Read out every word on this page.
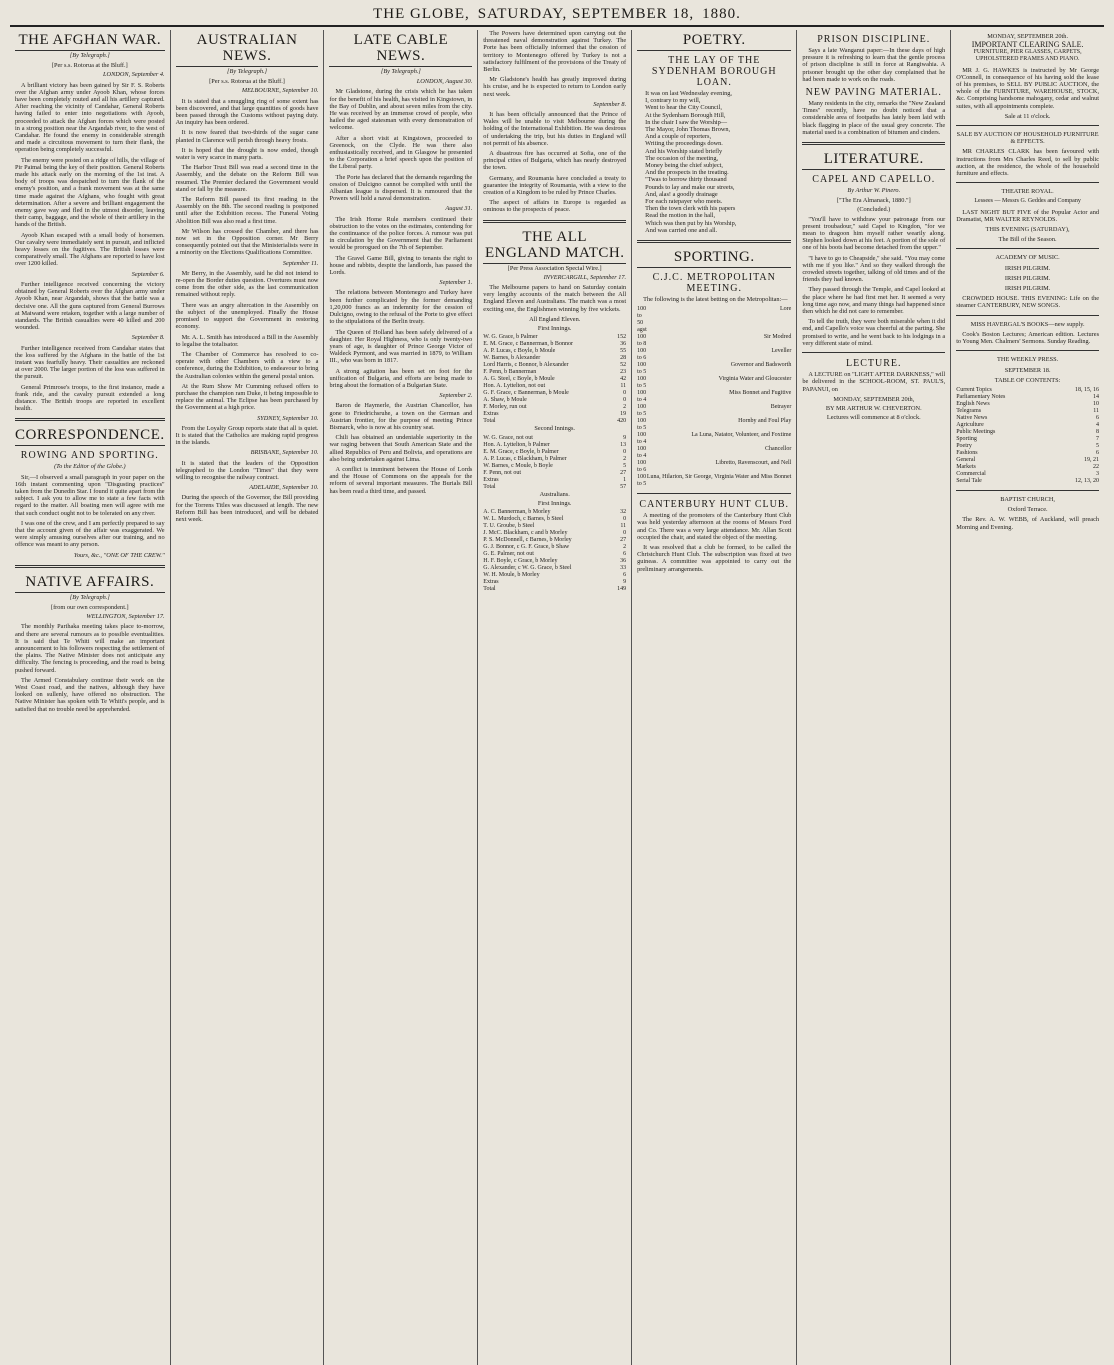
THE GLOBE, SATURDAY, SEPTEMBER 18, 1880.
THE AFGHAN WAR.
[By Telegraph.]
[Per s.s. Rotorua at the Bluff.]
LONDON, September 4.

A brilliant victory has been gained by Sir F. S. Roberts over the Afghan army under Ayoob Khan, whose forces have been completely routed and all his artillery captured. After reaching the vicinity of Candahar, General Roberts having failed to enter into negotiations with Ayoob, proceeded to attack the Afghan forces which were posted in a strong position near the Argandab river, to the west of Candahar. He found the enemy in considerable strength and made a circuitous movement to turn their flank, the operation being completely successful.

The enemy were posted on a ridge of hills, the village of Pir Paimal being the key of their position. General Roberts made his attack early on the morning of the 1st inst. A body of troops was despatched to turn the flank of the enemy's position, and a frank movement was at the same time made against the Afghans, who fought with great determination. After a severe and brilliant engagement the enemy gave way and fled in the utmost disorder, leaving their camp, baggage, and the whole of their artillery in the hands of the British.

Ayoob Khan escaped with a small body of horsemen. Our cavalry were immediately sent in pursuit, and inflicted heavy losses on the fugitives. The British losses were comparatively small. The Afghans are reported to have lost over 1200 killed.

September 6.

Further intelligence received concerning the victory obtained by General Roberts over the Afghan army under Ayoob Khan, near Argandab, shows that the battle was a decisive one. All the guns captured from General Burrows at Maiwand were retaken, together with a large number of standards. The British casualties were 40 killed and 200 wounded.

September 8.

Further intelligence received from Candahar states that the loss suffered by the Afghans in the battle of the 1st instant was fearfully heavy. Their casualties are reckoned at over 2000. The larger portion of the loss was suffered in the pursuit.

General Primrose's troops, to the first instance, made a frank ride, and the cavalry pursuit extended a long distance. The British troops are reported in excellent health.

CORRESPONDENCE.
ROWING AND SPORTING.
(To the Editor of the Globe.)

Sir,—I observed a small paragraph in your paper on the 16th instant commenting upon "Disgusting practices" taken from the Dunedin Star. I found it quite apart from the subject. I ask you to allow me to state a few facts with regard to the matter. All boating men will agree with me that such conduct ought not to be tolerated on any river.

I was one of the crew, and I am perfectly prepared to say that the account given of the affair was exaggerated. We were simply amusing ourselves after our training, and no offence was meant to any person.

Yours, &c., "ONE OF THE CREW."
NATIVE AFFAIRS.
[By Telegraph.]
[from our own correspondent.]
WELLINGTON, September 17.

The monthly Parihaka meeting takes place to-morrow, and there are several rumours as to possible eventualities. It is said that Te Whiti will make an important announcement to his followers respecting the settlement of the plains. The Native Minister does not anticipate any difficulty. The fencing is proceeding, and the road is being pushed forward.

The Armed Constabulary continue their work on the West Coast road, and the natives, although they have looked on sullenly, have offered no obstruction. The Native Minister has spoken with Te Whiti's people, and is satisfied that no trouble need be apprehended.

AUSTRALIAN NEWS.
[By Telegraph.]
[Per s.s. Rotorua at the Bluff.]
MELBOURNE, September 10.

It is stated that a smuggling ring of some extent has been discovered, and that large quantities of goods have been passed through the Customs without paying duty. An inquiry has been ordered.

It is now feared that two-thirds of the sugar cane planted in Clarence will perish through heavy frosts.

It is hoped that the drought is now ended, though water is very scarce in many parts.

The Harbor Trust Bill was read a second time in the Assembly, and the debate on the Reform Bill was resumed. The Premier declared the Government would stand or fall by the measure.

The Reform Bill passed its first reading in the Assembly on the 8th. The second reading is postponed until after the Exhibition recess. The Funeral Voting Abolition Bill was also read a first time.

Mr Wilson has crossed the Chamber, and there has now set in the Opposition corner. Mr Berry consequently pointed out that the Ministerialists were in a minority on the Elections Qualifications Committee.

September 11.

Mr Berry, in the Assembly, said he did not intend to re-open the Border duties question. Overtures must now come from the other side, as the last communication remained without reply.

There was an angry altercation in the Assembly on the subject of the unemployed. Finally the House promised to support the Government in restoring economy.

Mr. A. L. Smith has introduced a Bill in the Assembly to legalise the totalisator.

The Chamber of Commerce has resolved to co-operate with other Chambers with a view to a conference, during the Exhibition, to endeavour to bring the Australian colonies within the general postal union.

At the Rum Show Mr Cumming refused offers to purchase the champion ram Duke, it being impossible to replace the animal. The Eclipse has been purchased by the Government at a high price.

SYDNEY, September 10.

From the Loyalty Group reports state that all is quiet. It is stated that the Catholics are making rapid progress in the islands.

BRISBANE, September 10.

It is stated that the leaders of the Opposition telegraphed to the London "Times" that they were willing to recognise the railway contract.

ADELAIDE, September 10.

During the speech of the Governor, the Bill providing for the Torrens Titles was discussed at length. The new Reform Bill has been introduced, and will be debated next week.

LATE CABLE NEWS.
[By Telegraph.]
LONDON, August 30.

Mr Gladstone, during the crisis which he has taken for the benefit of his health, has visited in Kingstown, in the Bay of Dublin, and about seven miles from the city. He was received by an immense crowd of people, who hailed the aged statesman with every demonstration of welcome.

After a short visit at Kingstown, proceeded to Greenock, on the Clyde. He was there also enthusiastically received, and in Glasgow he presented to the Corporation a brief speech upon the position of the Liberal party.

The Porte has declared that the demands regarding the cession of Dulcigno cannot be complied with until the Albanian league is dispersed. It is rumoured that the Powers will hold a naval demonstration.

August 31.

The Irish Home Rule members continued their obstruction to the votes on the estimates, contending for the continuance of the police forces. A rumour was put in circulation by the Government that the Parliament would be prorogued on the 7th of September.

The Gravel Game Bill, giving to tenants the right to house and rabbits, despite the landlords, has passed the Lords.

September 1.

The relations between Montenegro and Turkey have been further complicated by the former demanding 1,20,000 francs as an indemnity for the cession of Dulcigno, owing to the refusal of the Porte to give effect to the stipulations of the Berlin treaty.

The Queen of Holland has been safely delivered of a daughter. Her Royal Highness, who is only twenty-two years of age, is daughter of Prince George Victor of Waldeck Pyrmont, and was married in 1879, to William III., who was born in 1817.

A strong agitation has been set on foot for the unification of Bulgaria, and efforts are being made to bring about the formation of a Bulgarian State.

September 2.

Baron de Haymerle, the Austrian Chancellor, has gone to Friedrichsruhe, a town on the German and Austrian frontier, for the purpose of meeting Prince Bismarck, who is now at his country seat.

Chili has obtained an undeniable superiority in the war raging between that South American State and the allied Republics of Peru and Bolivia, and operations are also being undertaken against Lima.

A conflict is imminent between the House of Lords and the House of Commons on the appeals for the reform of several important measures. The Burials Bill has been read a third time, and passed.

The Powers have determined upon carrying out the threatened naval demonstration against Turkey. The Porte has been officially informed that the cession of territory to Montenegro offered by Turkey is not a satisfactory fulfilment of the provisions of the Treaty of Berlin.

Mr Gladstone's health has greatly improved during his cruise, and he is expected to return to London early next week.

September 8.

It has been officially announced that the Prince of Wales will be unable to visit Melbourne during the holding of the International Exhibition. He was desirous of undertaking the trip, but his duties in England will not permit of his absence.

A disastrous fire has occurred at Sofia, one of the principal cities of Bulgaria, which has nearly destroyed the town.

Germany, and Roumania have concluded a treaty to guarantee the integrity of Roumania, with a view to the creation of a Kingdom to be ruled by Prince Charles.

The aspect of affairs in Europe is regarded as ominous to the prospects of peace.

THE ALL ENGLAND MATCH.
[Per Press Association Special Wire.]
INVERCARGILL, September 17.

The Melbourne papers to hand on Saturday contain very lengthy accounts of the match between the All England Eleven and Australians. The match was a most exciting one, the Englishmen winning by five wickets.

All England Eleven.
First Innings.
W. G. Grace, b Palmer	152
E. M. Grace, c Bannerman, b Bonnor	36
A. P. Lucas, c Boyle, b Moule	55
W. Barnes, b Alexander	28
Lord Harris, c Bonnor, b Alexander	52
F. Penn, b Bannerman	23
A. G. Steel, c Boyle, b Moule	42
Hon. A. Lyttelton, not out	11
G. F. Grace, c Bannerman, b Moule	0
A. Shaw, b Moule	0
F. Morley, run out	2
Extras	19
Total	420
Second Innings.
W. G. Grace, not out	9
Hon. A. Lyttelton, b Palmer	13
E. M. Grace, c Boyle, b Palmer	0
A. P. Lucas, c Blackham, b Palmer	2
W. Barnes, c Moule, b Boyle	5
F. Penn, not out	27
Extras	1
Total	57
Australians.
First Innings.
A. C. Bannerman, b Morley	32
W. L. Murdoch, c Barnes, b Steel	0
T. U. Groube, b Steel	11
J. McC. Blackham, c and b Morley	0
P. S. McDonnell, c Barnes, b Morley	27
G. J. Bonnor, c G. F. Grace, b Shaw	2
G. E. Palmer, not out	6
H. F. Boyle, c Grace, b Morley	36
G. Alexander, c W. G. Grace, b Steel	33
W. H. Moule, b Morley	6
Extras	9
Total	149
POETRY.
THE LAY OF THE SYDENHAM BOROUGH LOAN.

It was on last Wednesday evening,

I, contrary to my will,

Went to hear the City Council,

At the Sydenham Borough Hill,

In the chair I saw the Worship—

The Mayor, John Thomas Brown,

And a couple of reporters,

Writing the proceedings down.

And his Worship stated briefly

The occasion of the meeting,

Money being the chief subject,

And the prospects in the treating.

"Twas to borrow thirty thousand

Pounds to lay and make our streets,

And, alas! a goodly drainage

For each ratepayer who meets.

Then the town clerk with his papers

Read the motion in the hall,

Which was then put by his Worship,

And was carried one and all.

SPORTING.
C.J.C. METROPOLITAN MEETING.

The following is the latest betting on the Metropolitan:—

100 to 50 agst	Lore
100 to 8	Sir Modred
100 to 6	Leveller
100 to 5	Governor and Badsworth
100 to 5	Virginia Water and Gloucester
100 to 4	Miss Bonnet and Fugitive
100 to 5	Betrayer
100 to 5	Hornby and Foul Play
100 to 4	La Luna, Natator, Volunteer, and Foxtime
100 to 4	Chancellor
100 to 6	Libretto, Ravenscourt, and Nell
100 to 5	Luna, Hilarion, Sir George, Virginia Water and Miss Bonnet
CANTERBURY HUNT CLUB.

A meeting of the promoters of the Canterbury Hunt Club was held yesterday afternoon at the rooms of Messrs Ford and Co. There was a very large attendance. Mr. Allan Scott occupied the chair, and stated the object of the meeting.

It was resolved that a club be formed, to be called the Christchurch Hunt Club. The subscription was fixed at two guineas. A committee was appointed to carry out the preliminary arrangements.

PRISON DISCIPLINE.

Says a late Wanganui paper:—In these days of high pressure it is refreshing to learn that the gentle process of prison discipline is still in force at Rangiwahia. A prisoner brought up the other day complained that he had been made to work on the roads.

NEW PAVING MATERIAL.

Many residents in the city, remarks the "New Zealand Times" recently, have no doubt noticed that a considerable area of footpaths has lately been laid with black flagging in place of the usual grey concrete. The material used is a combination of bitumen and cinders.

LITERATURE.
CAPEL AND CAPELLO.
By Arthur W. Pinero.
["The Era Almanack, 1880."]
(Concluded.)

"You'll have to withdraw your patronage from our present troubadour," said Capel to Kingdon, "for we mean to dragoon him myself rather wearily along. Stephen looked down at his feet. A portion of the sole of one of his boots had become detached from the upper."

"I have to go to Cheapside," she said. "You may come with me if you like." And so they walked through the crowded streets together, talking of old times and of the friends they had known.

They passed through the Temple, and Capel looked at the place where he had first met her. It seemed a very long time ago now, and many things had happened since then which he did not care to remember.

To tell the truth, they were both miserable when it did end, and Capello's voice was cheerful at the parting. She promised to write, and he went back to his lodgings in a very different state of mind.

LECTURE.

A LECTURE on "LIGHT AFTER DARKNESS," will be delivered in the SCHOOL-ROOM, ST. PAUL'S, PAPANUI, on

MONDAY, SEPTEMBER 20th,
BY MR ARTHUR W. CHEVERTON.
Lectures will commence at 8 o'clock.
MONDAY, SEPTEMBER 20th.
IMPORTANT CLEARING SALE.
FURNITURE, PIER GLASSES, CARPETS, UPHOLSTERED FRAMES AND PIANO.

MR J. G. HAWKES is instructed by Mr George O'Connell, in consequence of his having sold the lease of his premises, to SELL BY PUBLIC AUCTION, the whole of the FURNITURE, WAREHOUSE, STOCK, &c. Comprising handsome mahogany, cedar and walnut suites, with all appointments complete.

Sale at 11 o'clock.
SALE BY AUCTION OF HOUSEHOLD FURNITURE & EFFECTS.

MR CHARLES CLARK has been favoured with instructions from Mrs Charles Reed, to sell by public auction, at the residence, the whole of the household furniture and effects.

THEATRE ROYAL.
Lessees — Messrs G. Geddes and Company

LAST NIGHT BUT FIVE of the Popular Actor and Dramatist, MR WALTER REYNOLDS.

THIS EVENING (SATURDAY),
The Bill of the Season.
ACADEMY OF MUSIC.
IRISH PILGRIM.
IRISH PILGRIM.
IRISH PILGRIM.

CROWDED HOUSE. THIS EVENING: Life on the steamer CANTERBURY, NEW SONGS.

MISS HAVERGAL'S BOOKS—new supply.

Cook's Boston Lectures; American edition. Lectures to Young Men. Chalmers' Sermons. Sunday Reading.

THE WEEKLY PRESS.
SEPTEMBER 18.
TABLE OF CONTENTS:
Current Topics	18, 15, 16
Parliamentary Notes	14
English News	10
Telegrams	11
Native News	6
Agriculture	4
Public Meetings	8
Sporting	7
Poetry	5
Fashions	6
General	19, 21
Markets	22
Commercial	3
Serial Tale	12, 13, 20
BAPTIST CHURCH,
Oxford Terrace.

The Rev. A. W. WEBB, of Auckland, will preach Morning and Evening.
